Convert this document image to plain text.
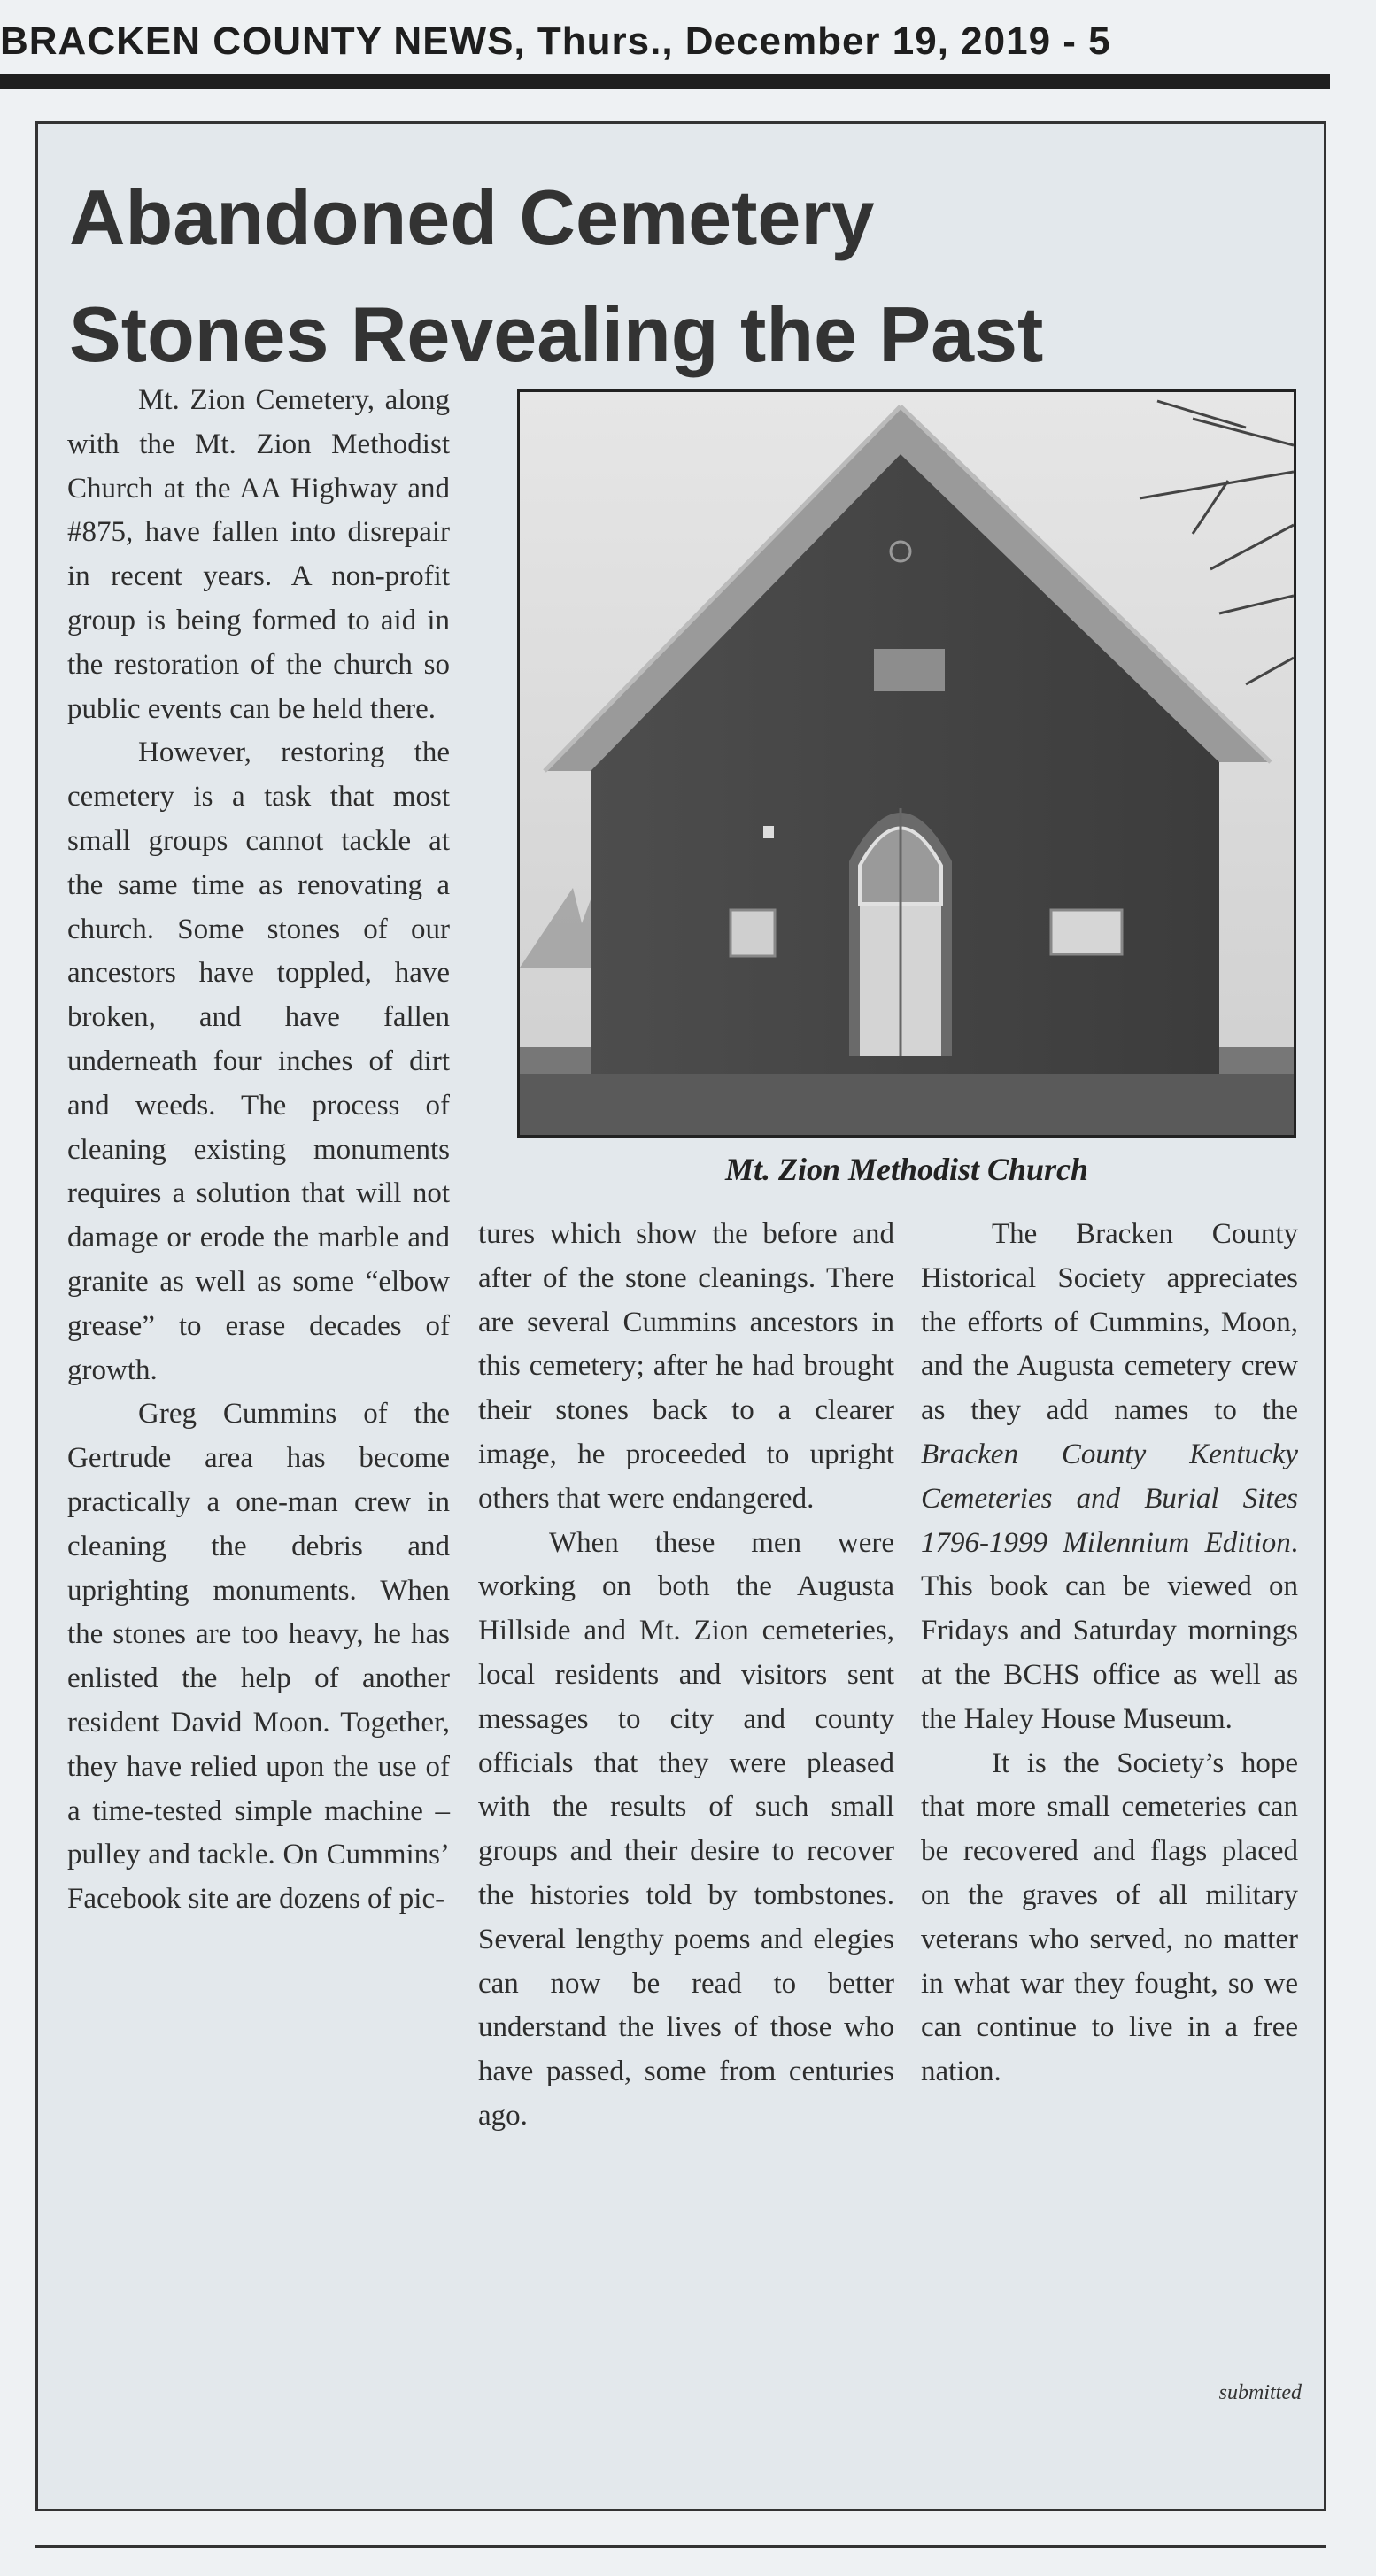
BRACKEN COUNTY NEWS, Thurs., December 19, 2019 - 5
Abandoned Cemetery
Stones Revealing the Past

Mt. Zion Cemetery, along with the Mt. Zion Methodist Church at the AA Highway and #875, have fallen into disrepair in recent years. A non-profit group is being formed to aid in the restoration of the church so public events can be held there.

However, restoring the cemetery is a task that most small groups cannot tackle at the same time as renovating a church. Some stones of our ancestors have toppled, have broken, and have fallen underneath four inches of dirt and weeds. The process of cleaning existing monuments requires a solution that will not damage or erode the marble and granite as well as some “elbow grease” to erase decades of growth.

Greg Cummins of the Gertrude area has become practically a one-man crew in cleaning the debris and uprighting monuments. When the stones are too heavy, he has enlisted the help of another resident David Moon. Together, they have relied upon the use of a time-tested simple machine – pulley and tackle. On Cummins’ Facebook site are dozens of pic-

Mt. Zion Methodist Church

tures which show the before and after of the stone cleanings. There are several Cummins ancestors in this cemetery; after he had brought their stones back to a clearer image, he proceeded to upright others that were endangered.

When these men were working on both the Augusta Hillside and Mt. Zion cemeteries, local residents and visitors sent messages to city and county officials that they were pleased with the results of such small groups and their desire to recover the histories told by tombstones. Several lengthy poems and elegies can now be read to better understand the lives of those who have passed, some from centuries ago.

The Bracken County Historical Society appreciates the efforts of Cummins, Moon, and the Augusta cemetery crew as they add names to the Bracken County Kentucky Cemeteries and Burial Sites 1796-1999 Milennium Edition. This book can be viewed on Fridays and Saturday mornings at the BCHS office as well as the Haley House Museum.

It is the Society’s hope that more small cemeteries can be recovered and flags placed on the graves of all military veterans who served, no matter in what war they fought, so we can continue to live in a free nation.

submitted
